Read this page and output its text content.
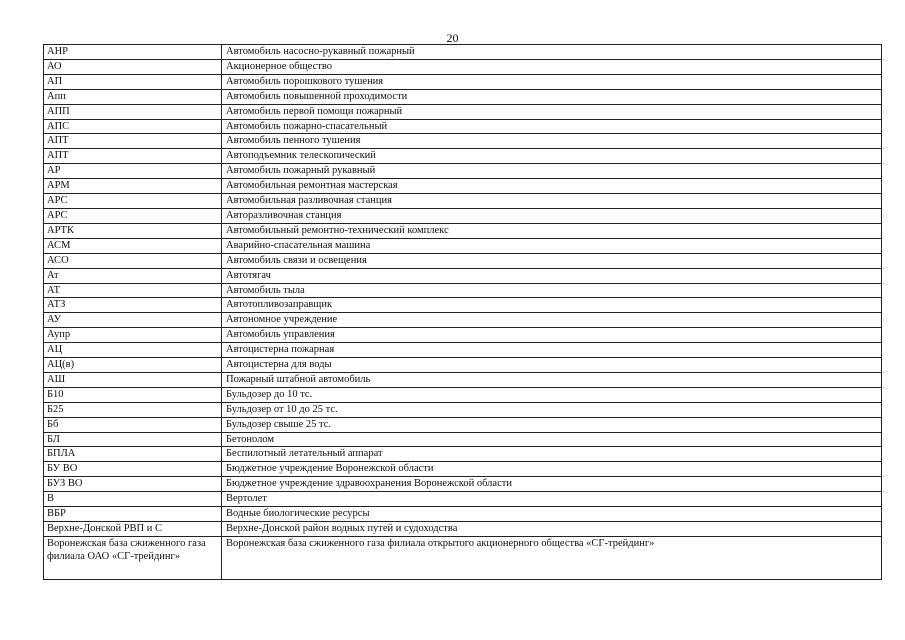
20
АНР	Автомобиль насосно-рукавный пожарный
АО	Акционерное общество
АП	Автомобиль порошкового тушения
Апп	Автомобиль повышенной проходимости
АПП	Автомобиль первой помощи пожарный
АПС	Автомобиль пожарно-спасательный
АПТ	Автомобиль пенного тушения
АПТ	Автоподъемник телескопический
АР	Автомобиль пожарный рукавный
АРМ	Автомобильная ремонтная мастерская
АРС	Автомобильная разливочная станция
АРС	Авторазливочная станция
АРТК	Автомобильный ремонтно-технический комплекс
АСМ	Аварийно-спасательная машина
АСО	Автомобиль связи и освещения
Ат	Автотягач
АТ	Автомобиль тыла
АТЗ	Автотопливозаправщик
АУ	Автономное учреждение
Аупр	Автомобиль управления
АЦ	Автоцистерна пожарная
АЦ(в)	Автоцистерна для воды
АШ	Пожарный штабной автомобиль
Б10	Бульдозер до 10 тс.
Б25	Бульдозер от 10 до 25 тс.
Бб	Бульдозер свыше 25 тс.
БЛ	Бетонолом
БПЛА	Беспилотный летательный аппарат
БУ ВО	Бюджетное учреждение Воронежской области
БУЗ ВО	Бюджетное учреждение здравоохранения Воронежской области
В	Вертолет
ВБР	Водные биологические ресурсы
Верхне-Донской РВП и С	Верхне-Донской район водных путей и судоходства
Воронежская база сжиженного газа филиала ОАО «СГ-трейдинг»	Воронежская база сжиженного газа филиала открытого акционерного общества «СГ-трейдинг»
